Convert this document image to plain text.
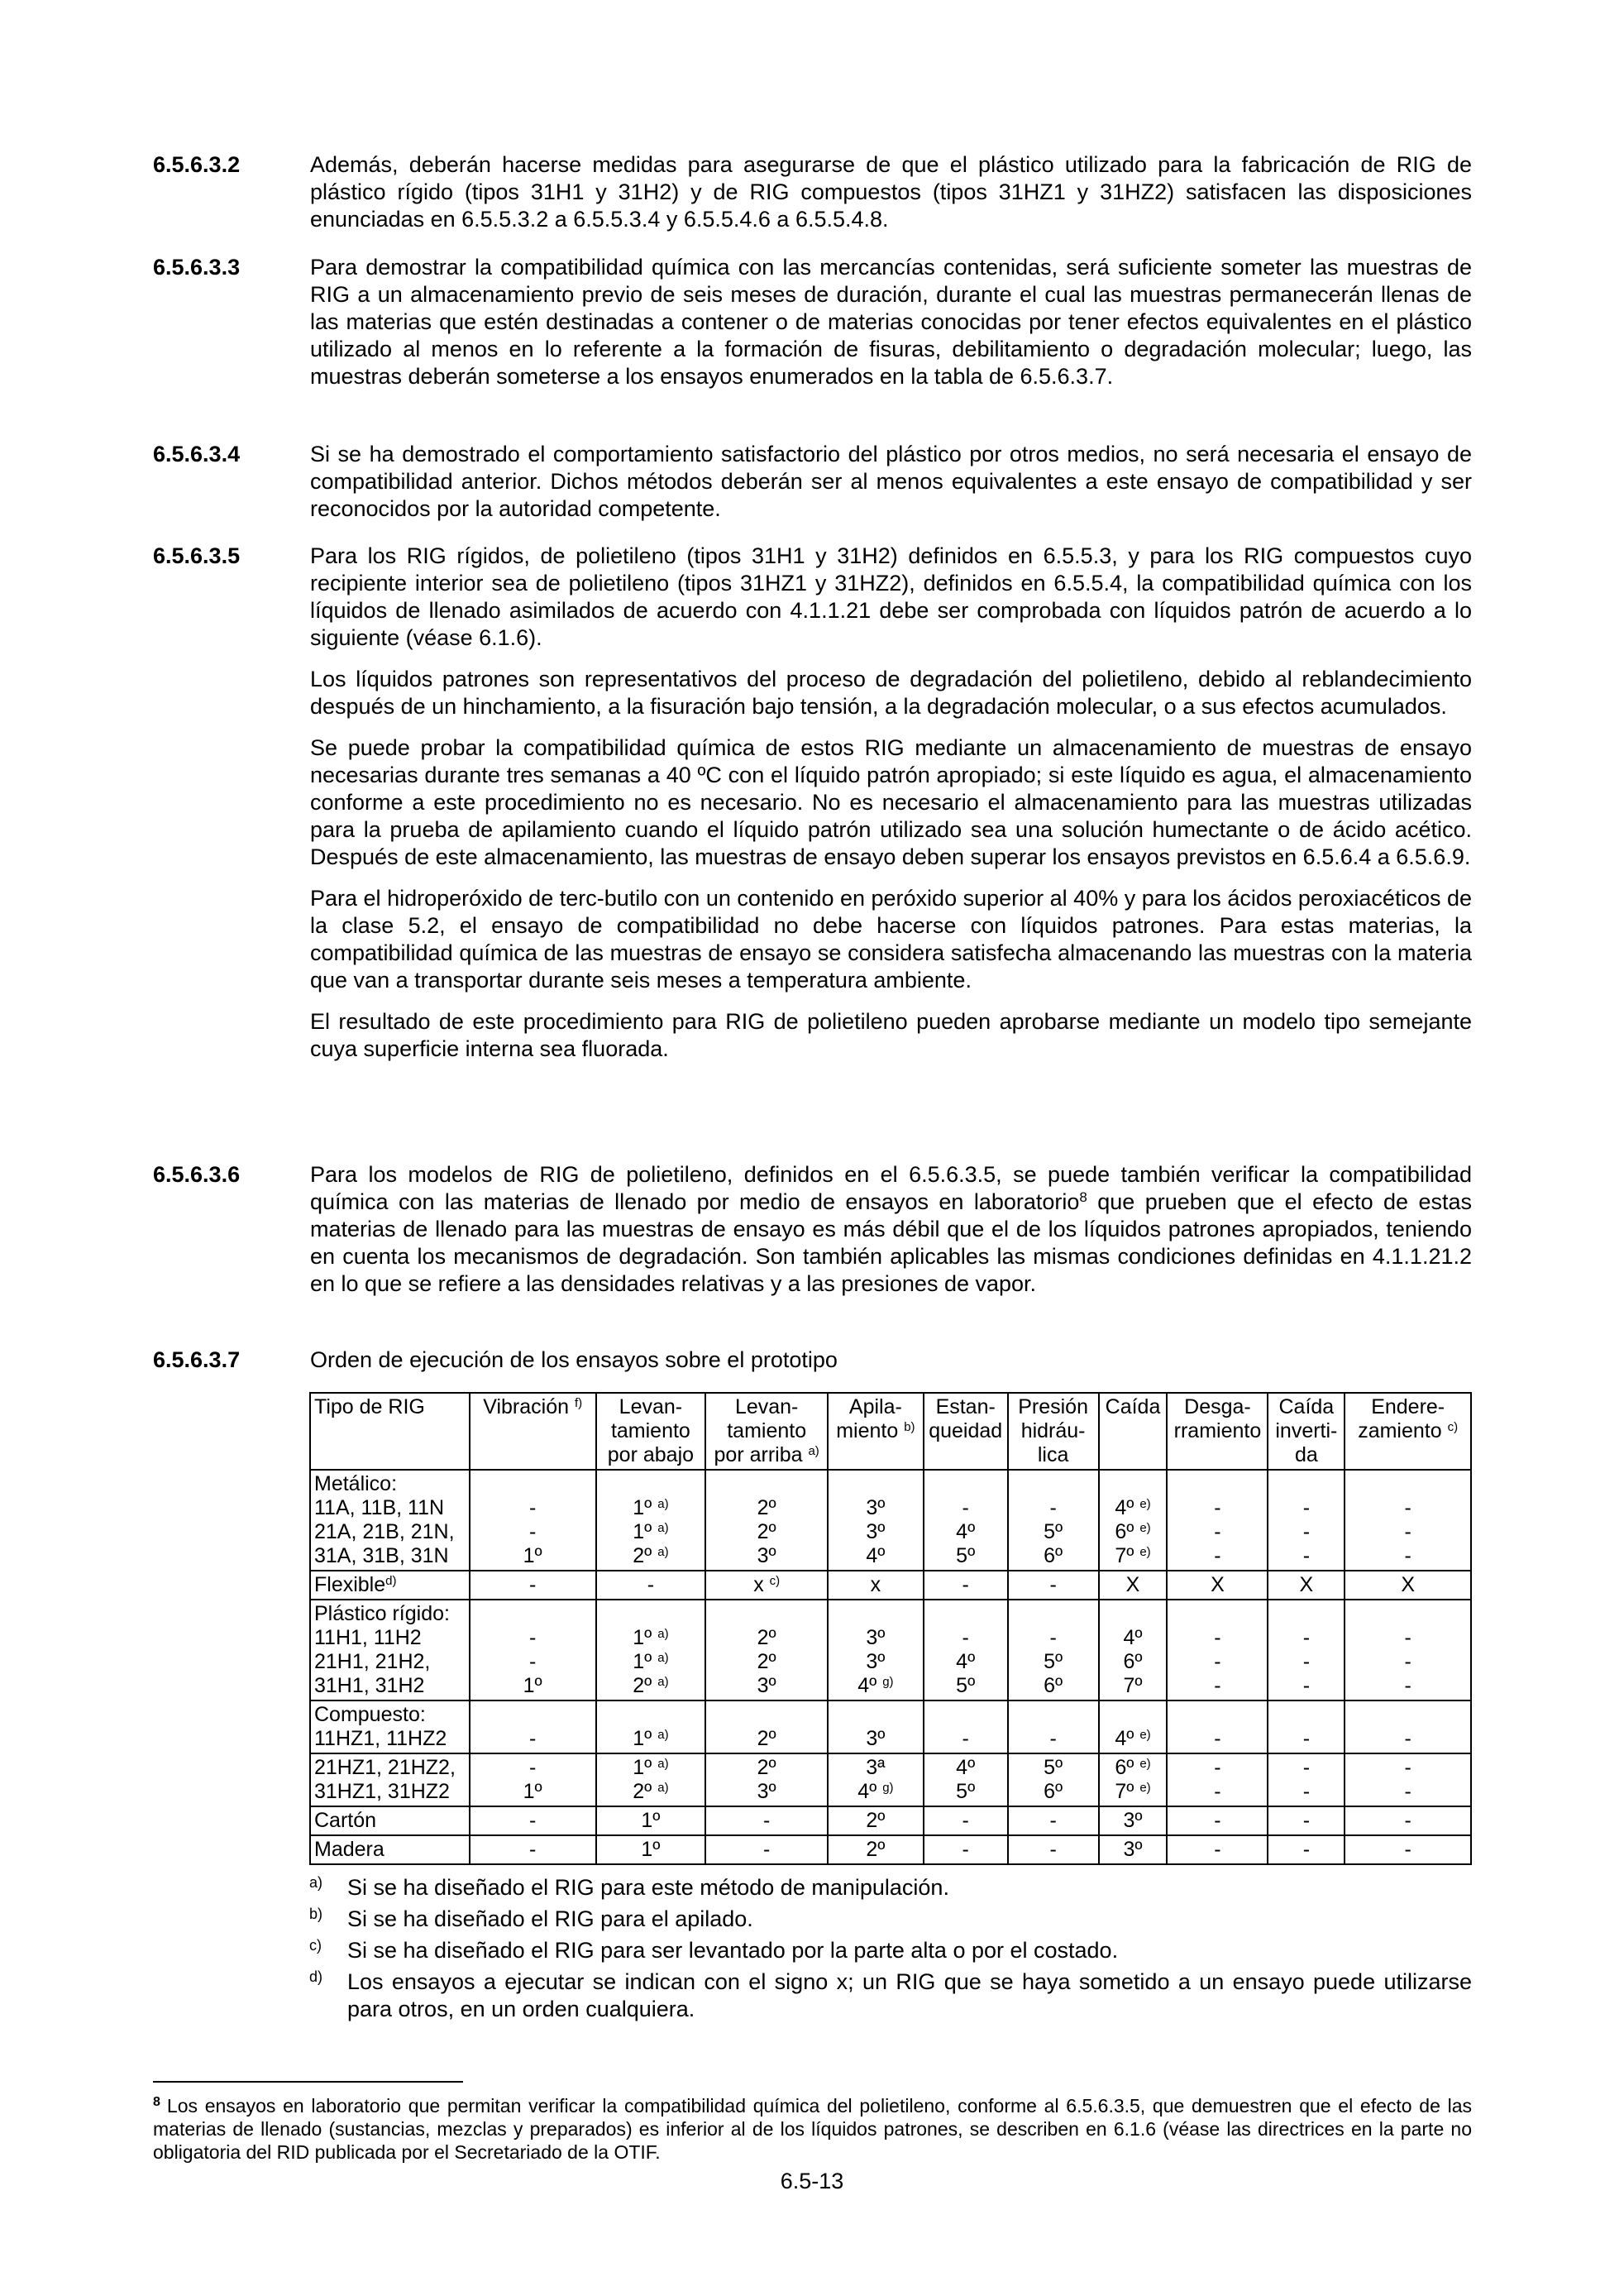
6.5.6.3.2	Además, deberán hacerse medidas para asegurarse de que el plástico utilizado para la fabricación de RIG de plástico rígido (tipos 31H1 y 31H2) y de RIG compuestos (tipos 31HZ1 y 31HZ2) satisfacen las disposiciones enunciadas en 6.5.5.3.2 a 6.5.5.3.4 y 6.5.5.4.6 a 6.5.5.4.8.

6.5.6.3.3	Para demostrar la compatibilidad química con las mercancías contenidas, será suficiente someter las muestras de RIG a un almacenamiento previo de seis meses de duración, durante el cual las muestras permanecerán llenas de las materias que estén destinadas a contener o de materias conocidas por tener efectos equivalentes en el plástico utilizado al menos en lo referente a la formación de fisuras, debilitamiento o degradación molecular; luego, las muestras deberán someterse a los ensayos enumerados en la tabla de 6.5.6.3.7.

6.5.6.3.4	Si se ha demostrado el comportamiento satisfactorio del plástico por otros medios, no será necesaria el ensayo de compatibilidad anterior. Dichos métodos deberán ser al menos equivalentes a este ensayo de compatibilidad y ser reconocidos por la autoridad competente.

6.5.6.3.5	Para los RIG rígidos, de polietileno (tipos 31H1 y 31H2) definidos en 6.5.5.3, y para los RIG compuestos cuyo recipiente interior sea de polietileno (tipos 31HZ1 y 31HZ2), definidos en 6.5.5.4, la compatibilidad química con los líquidos de llenado asimilados de acuerdo con 4.1.1.21 debe ser comprobada con líquidos patrón de acuerdo a lo siguiente (véase 6.1.6).

Los líquidos patrones son representativos del proceso de degradación del polietileno, debido al reblandecimiento después de un hinchamiento, a la fisuración bajo tensión, a la degradación molecular, o a sus efectos acumulados.

Se puede probar la compatibilidad química de estos RIG mediante un almacenamiento de muestras de ensayo necesarias durante tres semanas a 40 ºC con el líquido patrón apropiado; si este líquido es agua, el almacenamiento conforme a este procedimiento no es necesario. No es necesario el almacenamiento para las muestras utilizadas para la prueba de apilamiento cuando el líquido patrón utilizado sea una solución humectante o de ácido acético. Después de este almacenamiento, las muestras de ensayo deben superar los ensayos previstos en 6.5.6.4 a 6.5.6.9.

Para el hidroperóxido de terc-butilo con un contenido en peróxido superior al 40% y para los ácidos peroxiacéticos de la clase 5.2, el ensayo de compatibilidad no debe hacerse con líquidos patrones. Para estas materias, la compatibilidad química de las muestras de ensayo se considera satisfecha almacenando las muestras con la materia que van a transportar durante seis meses a temperatura ambiente.

El resultado de este procedimiento para RIG de polietileno pueden aprobarse mediante un modelo tipo semejante cuya superficie interna sea fluorada.

6.5.6.3.6	Para los modelos de RIG de polietileno, definidos en el 6.5.6.3.5, se puede también verificar la compatibilidad química con las materias de llenado por medio de ensayos en laboratorio$^8$ que prueben que el efecto de estas materias de llenado para las muestras de ensayo es más débil que el de los líquidos patrones apropiados, teniendo en cuenta los mecanismos de degradación. Son también aplicables las mismas condiciones definidas en 4.1.1.21.2 en lo que se refiere a las densidades relativas y a las presiones de vapor.

6.5.6.3.7	Orden de ejecución de los ensayos sobre el prototipo

Tipo de RIG	Vibración $^{f)}$	Levan-
tamiento
por abajo	Levan-
tamiento
por arriba $^{a)}$	Apila-
miento $^{b)}$	Estan-
queidad	Presión
hidráu-
lica	Caída	Desga-
rramiento	Caída
inverti-
da	Endere-
zamiento $^{c)}$

Metálico:
11A, 11B, 11N
21A, 21B, 21N,
31A, 31B, 31N	-
-
1º	1º $^{a)}$
1º $^{a)}$
2º $^{a)}$	2º
2º
3º	3º
3º
4º	-
4º
5º	-
5º
6º	4º $^{e)}$
6º $^{e)}$
7º $^{e)}$	-
-
-	-
-
-	-
-
-

Flexible$^{d)}$	-	-	x $^{c)}$	x	-	-	X	X	X	X

Plástico rígido:
11H1, 11H2
21H1, 21H2,
31H1, 31H2	-
-
1º	1º $^{a)}$
1º $^{a)}$
2º $^{a)}$	2º
2º
3º	3º
3º
4º $^{g)}$	-
4º
5º	-
5º
6º	4º
6º
7º	-
-
-	-
-
-	-
-
-

Compuesto:
11HZ1, 11HZ2	-	1º $^{a)}$	2º	3º	-	-	4º $^{e)}$	-	-	-

21HZ1, 21HZ2,
31HZ1, 31HZ2	-
1º	1º $^{a)}$
2º $^{a)}$	2º
3º	3ª
4º $^{g)}$	4º
5º	5º
6º	6º $^{e)}$
7º $^{e)}$	-
-	-
-	-
-

Cartón	-	1º	-	2º	-	-	3º	-	-	-

Madera	-	1º	-	2º	-	-	3º	-	-	-
a) Si se ha diseñado el RIG para este método de manipulación.
b) Si se ha diseñado el RIG para el apilado.
c) Si se ha diseñado el RIG para ser levantado por la parte alta o por el costado.
d) Los ensayos a ejecutar se indican con el signo x; un RIG que se haya sometido a un ensayo puede utilizarse para otros, en un orden cualquiera.
$^8$ Los ensayos en laboratorio que permitan verificar la compatibilidad química del polietileno, conforme al 6.5.6.3.5, que demuestren que el efecto de las materias de llenado (sustancias, mezclas y preparados) es inferior al de los líquidos patrones, se describen en 6.1.6 (véase las directrices en la parte no obligatoria del RID publicada por el Secretariado de la OTIF.
6.5-13
